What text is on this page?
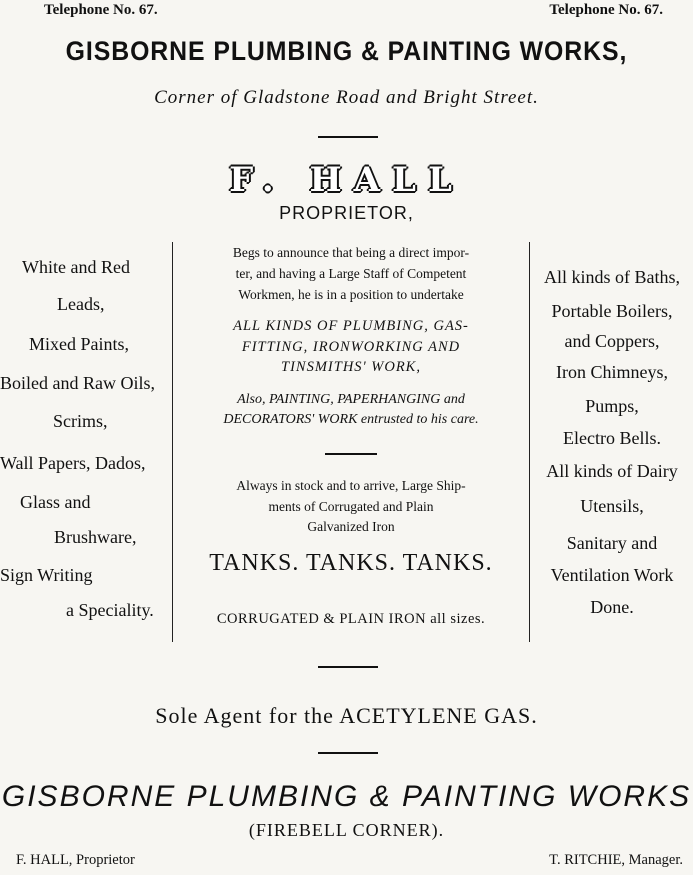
Telephone No. 67.	Telephone No. 67.
GISBORNE PLUMBING & PAINTING WORKS,
Corner of Gladstone Road and Bright Street.
F. HALL
PROPRIETOR,
White and Red
Leads,
Mixed Paints,
Boiled and Raw Oils,
Scrims,
Wall Papers, Dados,
Glass and
Brushware,
Sign Writing
a Speciality.
Begs to announce that being a direct impor-
ter, and having a Large Staff of Competent
Workmen, he is in a position to undertake
ALL KINDS OF PLUMBING, GAS-
FITTING, IRONWORKING AND
TINSMITHS' WORK,
Also, PAINTING, PAPERHANGING and
DECORATORS' WORK entrusted to his care.
Always in stock and to arrive, Large Ship-
ments of Corrugated and Plain
Galvanized Iron
TANKS. TANKS. TANKS.
CORRUGATED & PLAIN IRON all sizes.
All kinds of Baths,
Portable Boilers,
and Coppers,
Iron Chimneys,
Pumps,
Electro Bells.
All kinds of Dairy
Utensils,
Sanitary and
Ventilation Work
Done.
Sole Agent for the ACETYLENE GAS.
GISBORNE PLUMBING & PAINTING WORKS
(FIREBELL CORNER).
F. HALL, Proprietor	T. RITCHIE, Manager.
